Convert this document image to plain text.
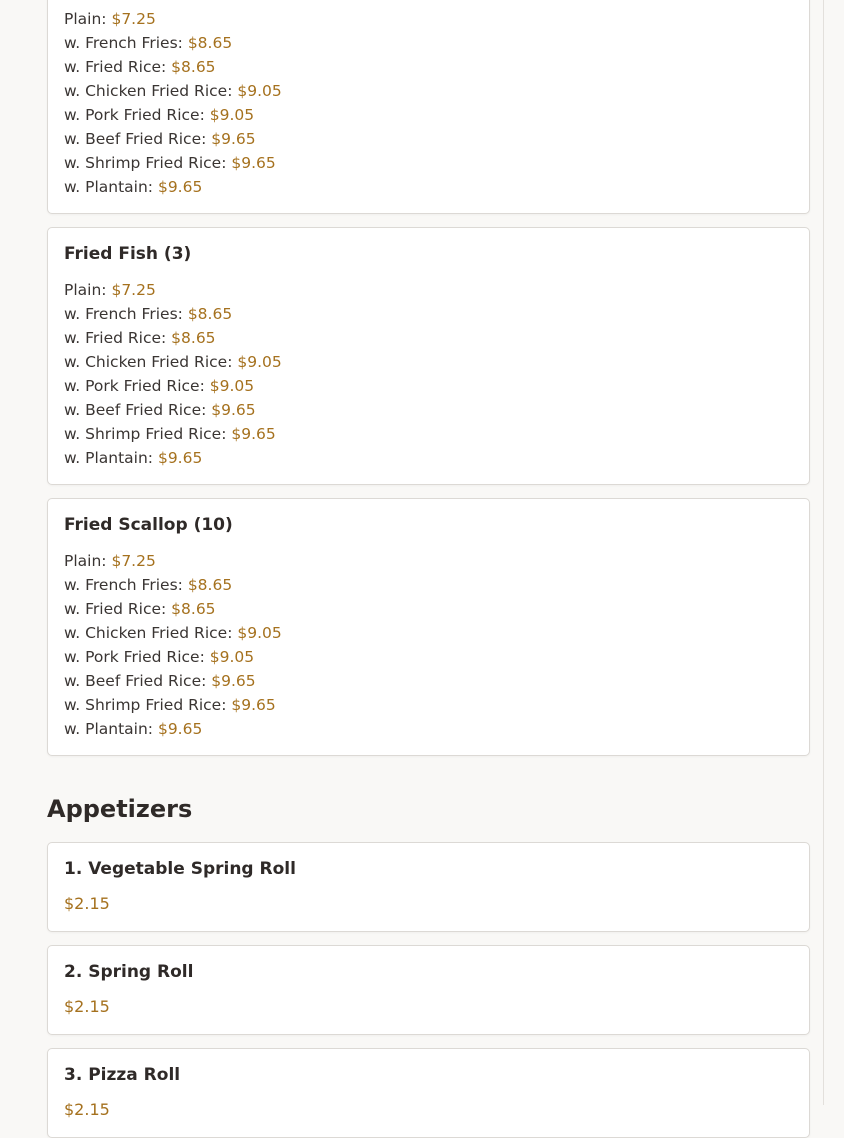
Plain: $7.25
w. French Fries: $8.65
w. Fried Rice: $8.65
w. Chicken Fried Rice: $9.05
w. Pork Fried Rice: $9.05
w. Beef Fried Rice: $9.65
w. Shrimp Fried Rice: $9.65
w. Plantain: $9.65
Fried Fish (3)
Plain: $7.25
w. French Fries: $8.65
w. Fried Rice: $8.65
w. Chicken Fried Rice: $9.05
w. Pork Fried Rice: $9.05
w. Beef Fried Rice: $9.65
w. Shrimp Fried Rice: $9.65
w. Plantain: $9.65
Fried Scallop (10)
Plain: $7.25
w. French Fries: $8.65
w. Fried Rice: $8.65
w. Chicken Fried Rice: $9.05
w. Pork Fried Rice: $9.05
w. Beef Fried Rice: $9.65
w. Shrimp Fried Rice: $9.65
w. Plantain: $9.65
Appetizers
1. Vegetable Spring Roll
$2.15
2. Spring Roll
$2.15
3. Pizza Roll
$2.15
